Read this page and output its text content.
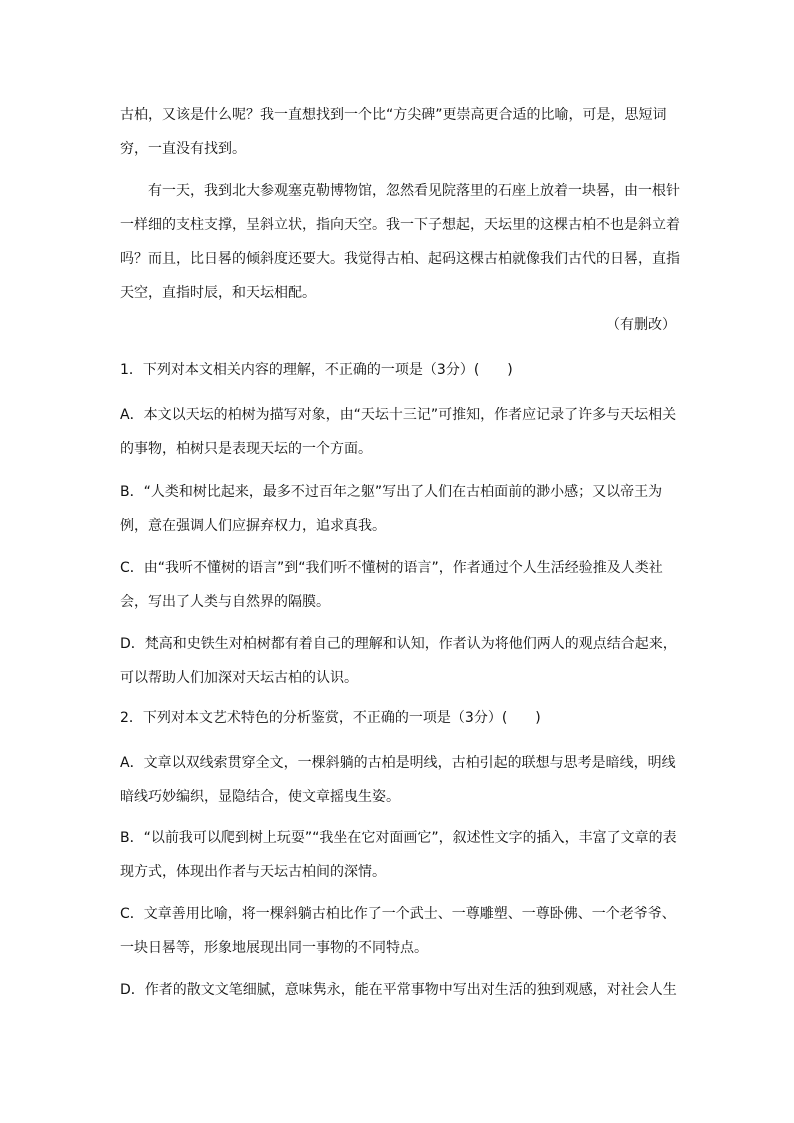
古柏，又该是什么呢？我一直想找到一个比“方尖碑”更崇高更合适的比喻，可是，思短词穷，一直没有找到。

有一天，我到北大参观塞克勒博物馆，忽然看见院落里的石座上放着一块晷，由一根针一样细的支柱支撑，呈斜立状，指向天空。我一下子想起，天坛里的这棵古柏不也是斜立着吗？而且，比日晷的倾斜度还要大。我觉得古柏、起码这棵古柏就像我们古代的日晷，直指天空，直指时辰，和天坛相配。

（有删改）

1．下列对本文相关内容的理解，不正确的一项是（3分）(　　)

A．本文以天坛的柏树为描写对象，由“天坛十三记”可推知，作者应记录了许多与天坛相关的事物，柏树只是表现天坛的一个方面。

B．“人类和树比起来，最多不过百年之躯”写出了人们在古柏面前的渺小感；又以帝王为例，意在强调人们应摒弃权力，追求真我。

C．由“我听不懂树的语言”到“我们听不懂树的语言”，作者通过个人生活经验推及人类社会，写出了人类与自然界的隔膜。

D．梵高和史铁生对柏树都有着自己的理解和认知，作者认为将他们两人的观点结合起来，可以帮助人们加深对天坛古柏的认识。

2．下列对本文艺术特色的分析鉴赏，不正确的一项是（3分）(　　)

A．文章以双线索贯穿全文，一棵斜躺的古柏是明线，古柏引起的联想与思考是暗线，明线暗线巧妙编织，显隐结合，使文章摇曳生姿。

B．“以前我可以爬到树上玩耍”“我坐在它对面画它”，叙述性文字的插入，丰富了文章的表现方式，体现出作者与天坛古柏间的深情。

C．文章善用比喻，将一棵斜躺古柏比作了一个武士、一尊雕塑、一尊卧佛、一个老爷爷、一块日晷等，形象地展现出同一事物的不同特点。

D．作者的散文文笔细腻，意味隽永，能在平常事物中写出对生活的独到观感，对社会人生
